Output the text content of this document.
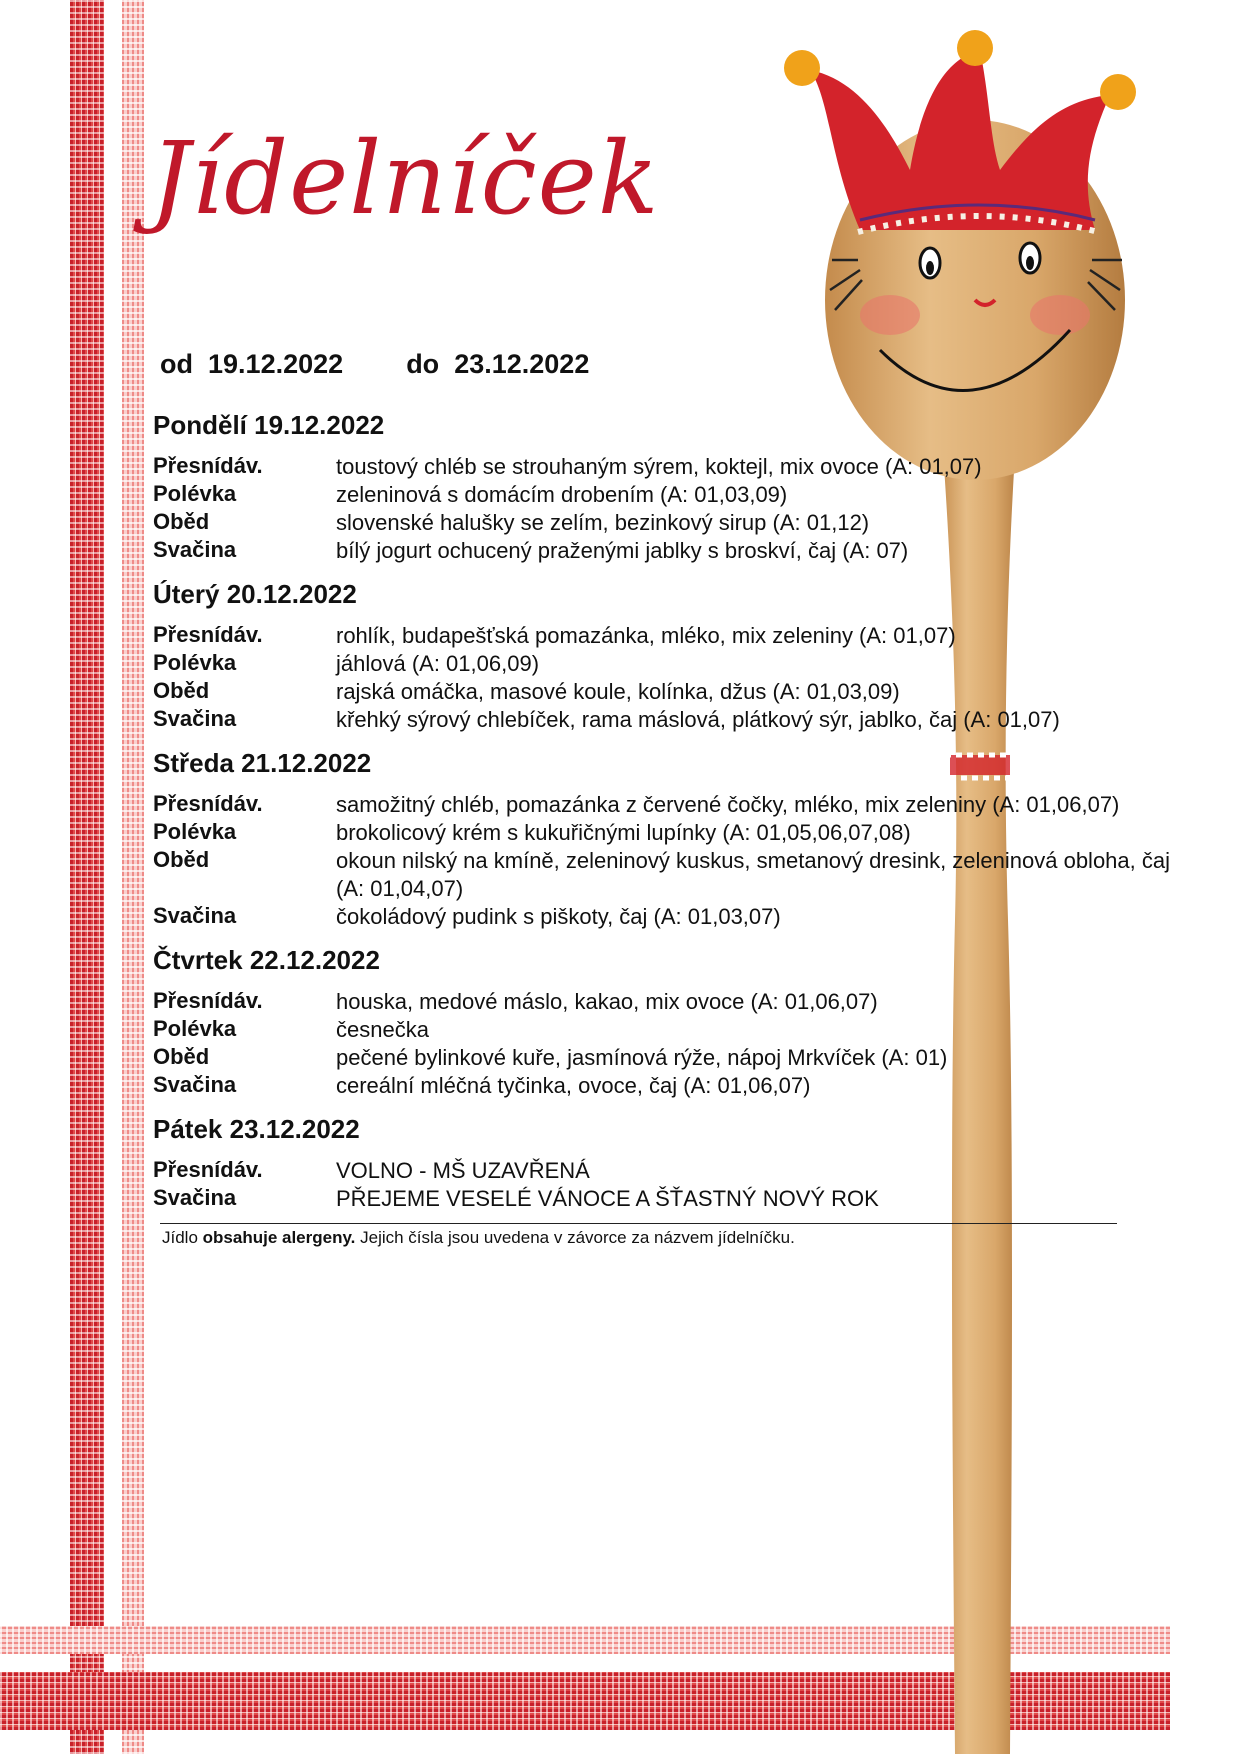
Jídelníček
od 19.12.2022 do 23.12.2022
Pondělí 19.12.2022
Přesnídáv.	toustový chléb se strouhaným sýrem, koktejl, mix ovoce (A: 01,07)
Polévka	zeleninová s domácím drobením (A: 01,03,09)
Oběd	slovenské halušky se zelím, bezinkový sirup (A: 01,12)
Svačina	bílý jogurt ochucený praženými jablky s broskví, čaj (A: 07)
Úterý 20.12.2022
Přesnídáv.	rohlík, budapešťská pomazánka, mléko, mix zeleniny (A: 01,07)
Polévka	jáhlová (A: 01,06,09)
Oběd	rajská omáčka, masové koule, kolínka, džus (A: 01,03,09)
Svačina	křehký sýrový chlebíček, rama máslová, plátkový sýr, jablko, čaj (A: 01,07)
Středa 21.12.2022
Přesnídáv.	samožitný chléb, pomazánka z červené čočky, mléko, mix zeleniny (A: 01,06,07)
Polévka	brokolicový krém s kukuřičnými lupínky (A: 01,05,06,07,08)
Oběd	okoun nilský na kmíně, zeleninový kuskus, smetanový dresink, zeleninová obloha, čaj (A: 01,04,07)
Svačina	čokoládový pudink s piškoty, čaj (A: 01,03,07)
Čtvrtek 22.12.2022
Přesnídáv.	houska, medové máslo, kakao, mix ovoce (A: 01,06,07)
Polévka	česnečka
Oběd	pečené bylinkové kuře, jasmínová rýže, nápoj Mrkvíček (A: 01)
Svačina	cereální mléčná tyčinka, ovoce, čaj (A: 01,06,07)
Pátek 23.12.2022
Přesnídáv.	VOLNO - MŠ UZAVŘENÁ
Svačina	PŘEJEME VESELÉ VÁNOCE A ŠŤASTNÝ NOVÝ ROK
Jídlo obsahuje alergeny. Jejich čísla jsou uvedena v závorce za názvem jídelníčku.
